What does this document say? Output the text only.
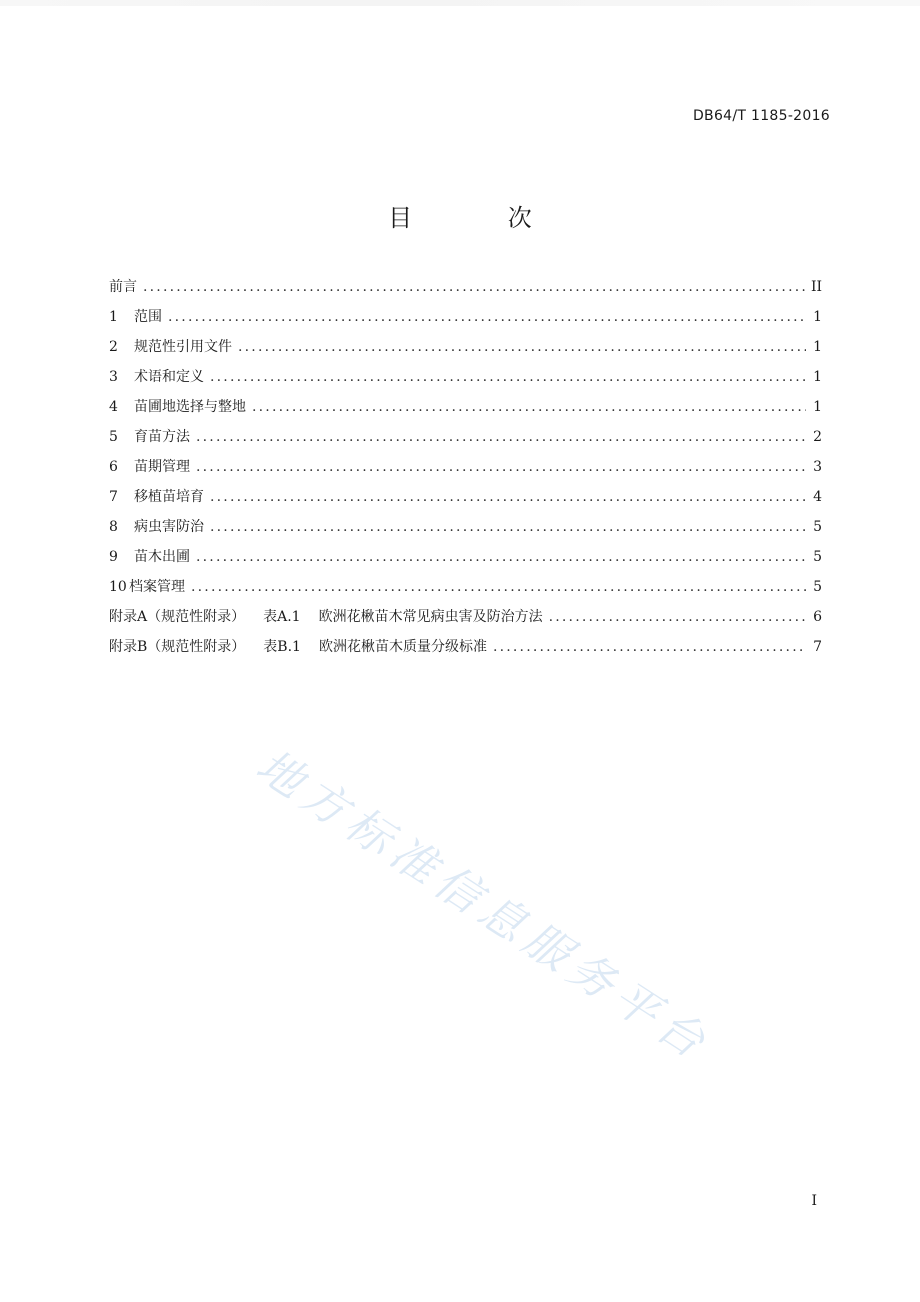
DB64/T 1185-2016
目 次
前言 .....	II
1	范围 .....	1
2	规范性引用文件 .....	1
3	术语和定义 .....	1
4	苗圃地选择与整地 .....	1
5	育苗方法 .....	2
6	苗期管理 .....	3
7	移植苗培育 .....	4
8	病虫害防治 .....	5
9	苗木出圃 .....	5
10 档案管理 .....	5
附录A（规范性附录） 表A.1 欧洲花楸苗木常见病虫害及防治方法 .....	6
附录B（规范性附录） 表B.1 欧洲花楸苗木质量分级标准 .....	7
地方标准信息服务平台
I
